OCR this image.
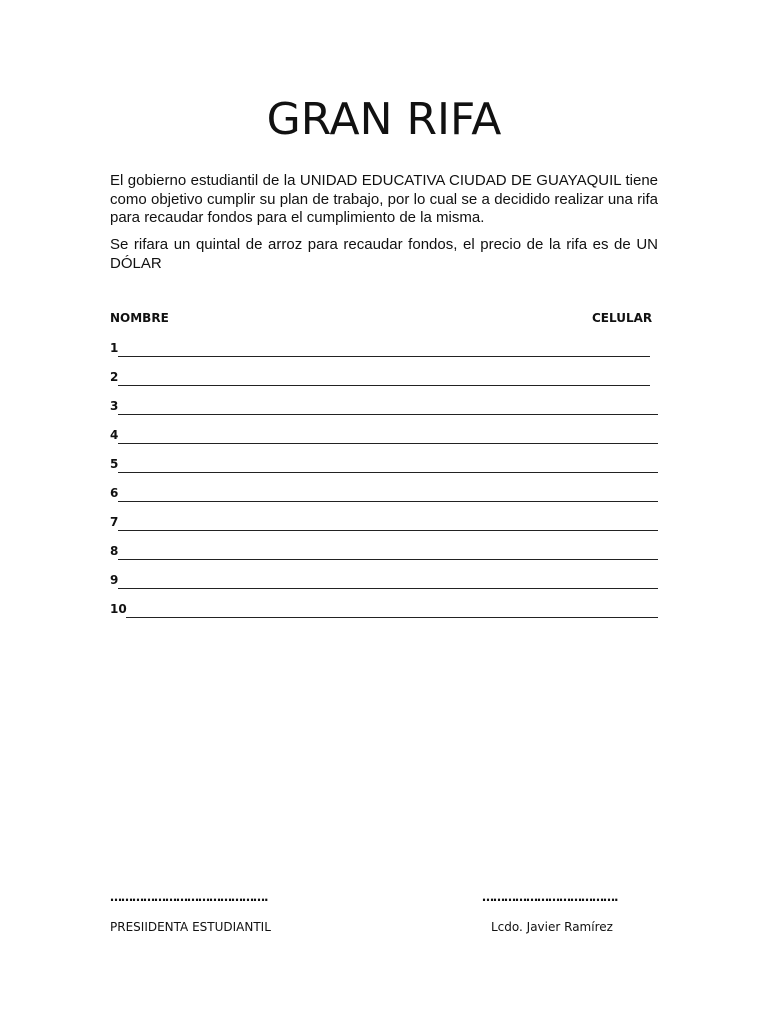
GRAN RIFA

El gobierno estudiantil de la UNIDAD EDUCATIVA CIUDAD DE GUAYAQUIL tiene como objetivo cumplir su plan de trabajo, por lo cual se a decidido realizar una rifa para recaudar fondos para el cumplimiento de la misma.

Se rifara un quintal de arroz para recaudar fondos, el precio de la rifa es de UN DÓLAR

NOMBRE	CELULAR
1
2
3
4
5
6
7
8
9
10
…………………………………….	……………………………….
PRESIIDENTA ESTUDIANTIL	Lcdo. Javier Ramírez
